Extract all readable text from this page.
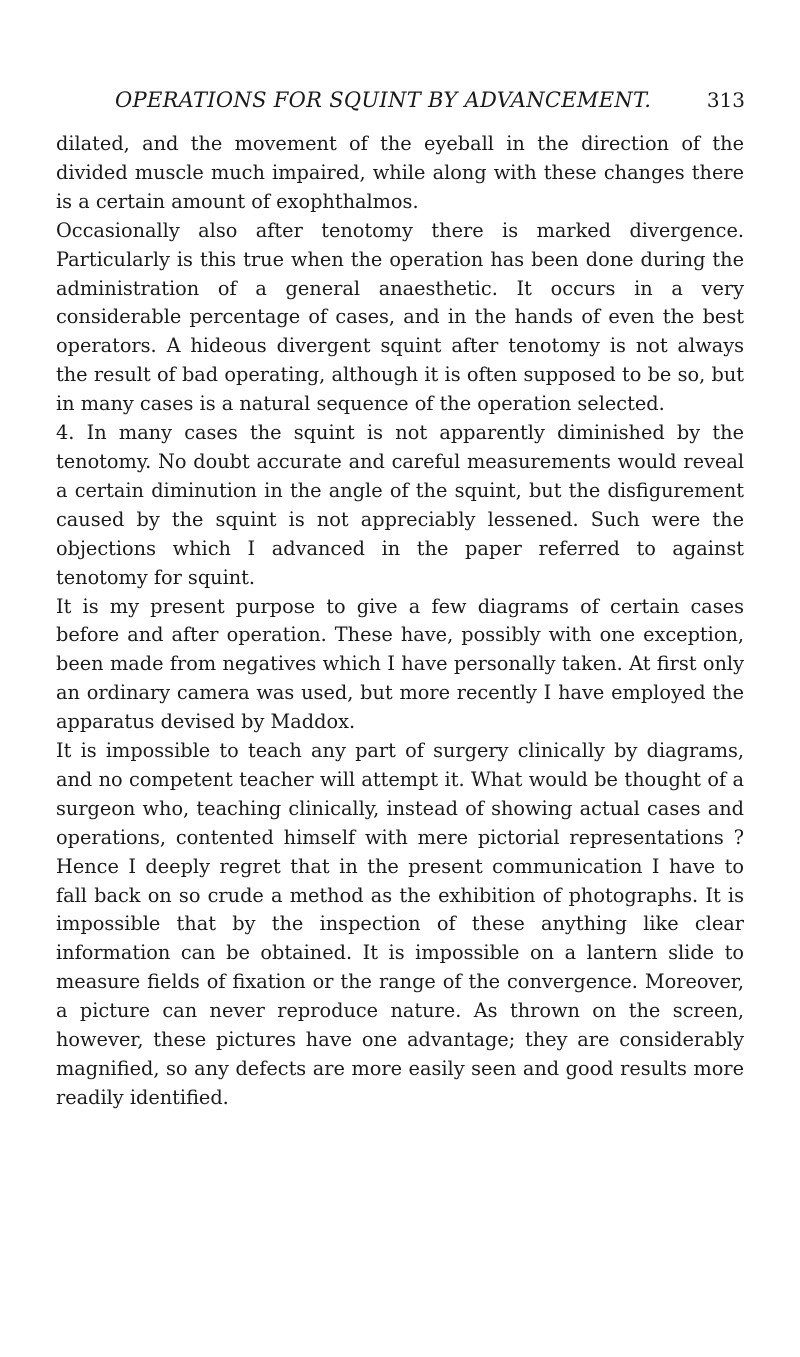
OPERATIONS FOR SQUINT BY ADVANCEMENT.	313

dilated, and the movement of the eyeball in the direction of the divided muscle much impaired, while along with these changes there is a certain amount of exophthalmos.

Occasionally also after tenotomy there is marked divergence. Particularly is this true when the operation has been done during the administration of a general anaesthetic. It occurs in a very considerable percentage of cases, and in the hands of even the best operators. A hideous divergent squint after tenotomy is not always the result of bad operating, although it is often supposed to be so, but in many cases is a natural sequence of the operation selected.

4. In many cases the squint is not apparently diminished by the tenotomy. No doubt accurate and careful measurements would reveal a certain diminution in the angle of the squint, but the disfigurement caused by the squint is not appreciably lessened. Such were the objections which I advanced in the paper referred to against tenotomy for squint.

It is my present purpose to give a few diagrams of certain cases before and after operation. These have, possibly with one exception, been made from negatives which I have personally taken. At first only an ordinary camera was used, but more recently I have employed the apparatus devised by Maddox.

It is impossible to teach any part of surgery clinically by diagrams, and no competent teacher will attempt it. What would be thought of a surgeon who, teaching clinically, instead of showing actual cases and operations, contented himself with mere pictorial representations ? Hence I deeply regret that in the present communication I have to fall back on so crude a method as the exhibition of photographs. It is impossible that by the inspection of these anything like clear information can be obtained. It is impossible on a lantern slide to measure fields of fixation or the range of the convergence. Moreover, a picture can never reproduce nature. As thrown on the screen, however, these pictures have one advantage; they are considerably magnified, so any defects are more easily seen and good results more readily identified.
